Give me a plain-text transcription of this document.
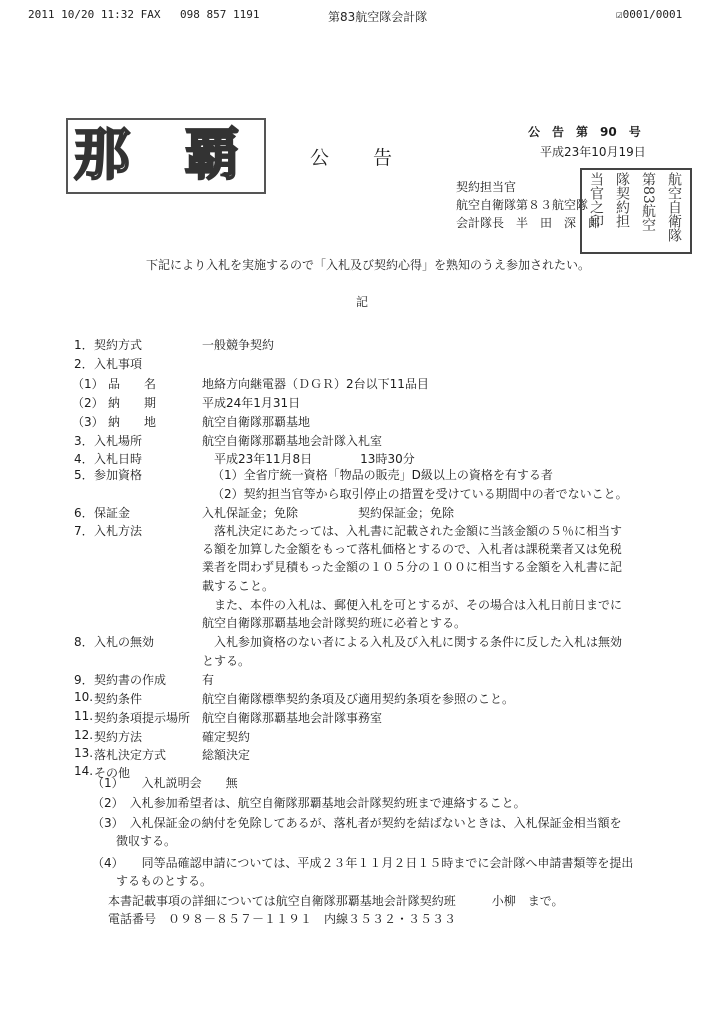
2011 10/20 11:32 FAX 098 857 1191	第83航空隊会計隊	☑0001/0001
那 覇	公　　告
公　告　第　90　号
平成23年10月19日
契約担当官
航空自衛隊第８３航空隊
会計隊長　半　田　深　郎	航空自衛隊
第83航空
隊契約担
当官之印
下記により入札を実施するので「入札及び契約心得」を熟知のうえ参加されたい。
記
1． 契約方式	一般競争契約
2． 入札事項
（1） 品　　名	地絡方向継電器（ＤＧＲ）2台以下11品目
（2） 納　　期	平成24年1月31日
（3） 納　　地	航空自衛隊那覇基地
3． 入札場所	航空自衛隊那覇基地会計隊入札室
4． 入札日時	　平成23年11月8日　　　　13時30分
5． 参加資格	（1）全省庁統一資格「物品の販売」D級以上の資格を有する者
（2）契約担当官等から取引停止の措置を受けている期間中の者でないこと。
6． 保証金	入札保証金；免除　　　　　契約保証金；免除
7． 入札方法	　落札決定にあたっては、入札書に記載された金額に当該金額の５％に相当す
る額を加算した金額をもって落札価格とするので、入札者は課税業者又は免税
業者を問わず見積もった金額の１０５分の１００に相当する金額を入札書に記
載すること。
　また、本件の入札は、郵便入札を可とするが、その場合は入札日前日までに
航空自衛隊那覇基地会計隊契約班に必着とする。
8． 入札の無効	　入札参加資格のない者による入札及び入札に関する条件に反した入札は無効
とする。
9． 契約書の作成	有
10. 契約条件	航空自衛隊標準契約条項及び適用契約条項を参照のこと。
11. 契約条項提示場所 航空自衛隊那覇基地会計隊事務室
12. 契約方法	確定契約
13. 落札決定方式	総額決定
14. その他
（1）　　入札説明会　　無
（2）　入札参加希望者は、航空自衛隊那覇基地会計隊契約班まで連絡すること。
（3）　入札保証金の納付を免除してあるが、落札者が契約を結ばないときは、入札保証金相当額を
徴収する。
（4）　　同等品確認申請については、平成２３年１１月２日１５時までに会計隊へ申請書類等を提出
するものとする。
本書記載事項の詳細については航空自衛隊那覇基地会計隊契約班　　　小柳　まで。
電話番号　０９８－８５７－１１９１　内線３５３２・３５３３
